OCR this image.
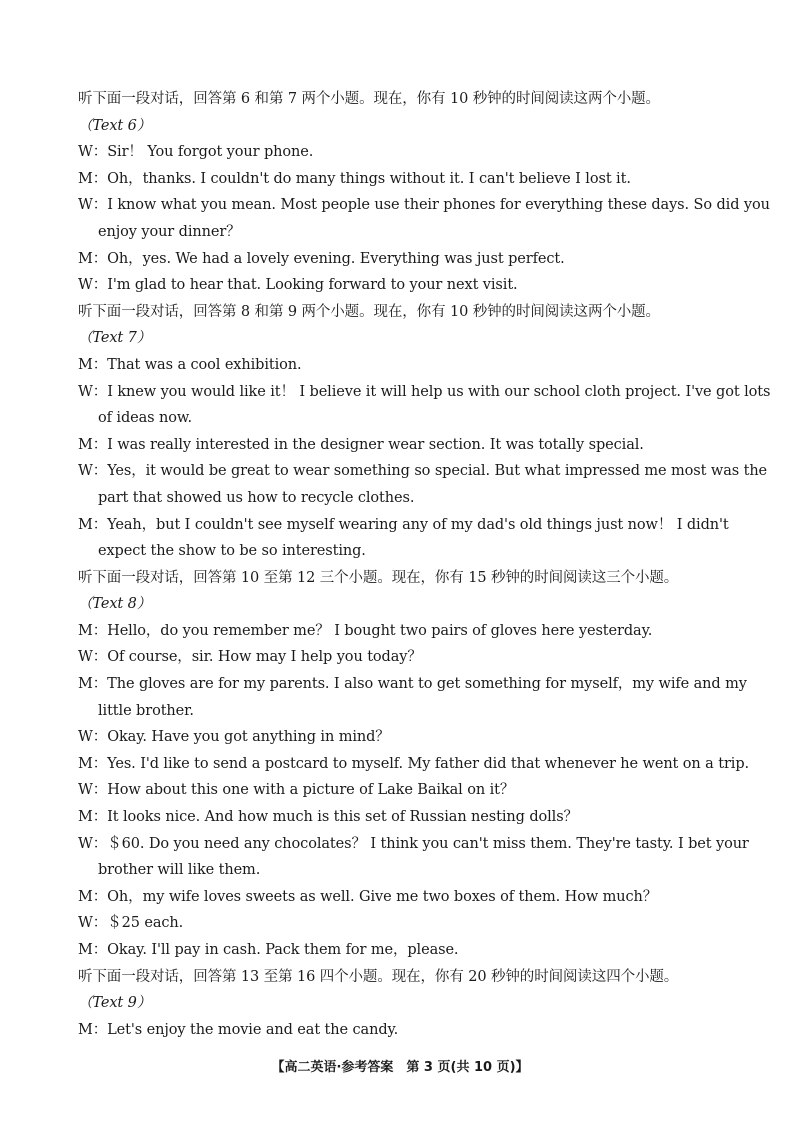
听下面一段对话，回答第 6 和第 7 两个小题。现在，你有 10 秒钟的时间阅读这两个小题。
（Text 6）
W：Sir！ You forgot your phone.
M：Oh，thanks. I couldn't do many things without it. I can't believe I lost it.
W：I know what you mean. Most people use their phones for everything these days. So did you
enjoy your dinner？
M：Oh，yes. We had a lovely evening. Everything was just perfect.
W：I'm glad to hear that. Looking forward to your next visit.
听下面一段对话，回答第 8 和第 9 两个小题。现在，你有 10 秒钟的时间阅读这两个小题。
（Text 7）
M：That was a cool exhibition.
W：I knew you would like it！ I believe it will help us with our school cloth project. I've got lots
of ideas now.
M：I was really interested in the designer wear section. It was totally special.
W：Yes，it would be great to wear something so special. But what impressed me most was the
part that showed us how to recycle clothes.
M：Yeah，but I couldn't see myself wearing any of my dad's old things just now！ I didn't
expect the show to be so interesting.
听下面一段对话，回答第 10 至第 12 三个小题。现在，你有 15 秒钟的时间阅读这三个小题。
（Text 8）
M：Hello，do you remember me？ I bought two pairs of gloves here yesterday.
W：Of course，sir. How may I help you today？
M：The gloves are for my parents. I also want to get something for myself，my wife and my
little brother.
W：Okay. Have you got anything in mind？
M：Yes. I'd like to send a postcard to myself. My father did that whenever he went on a trip.
W：How about this one with a picture of Lake Baikal on it？
M：It looks nice. And how much is this set of Russian nesting dolls？
W：＄60. Do you need any chocolates？ I think you can't miss them. They're tasty. I bet your
brother will like them.
M：Oh，my wife loves sweets as well. Give me two boxes of them. How much？
W：＄25 each.
M：Okay. I'll pay in cash. Pack them for me，please.
听下面一段对话，回答第 13 至第 16 四个小题。现在，你有 20 秒钟的时间阅读这四个小题。
（Text 9）
M：Let's enjoy the movie and eat the candy.
【高二英语·参考答案　第 3 页(共 10 页)】
